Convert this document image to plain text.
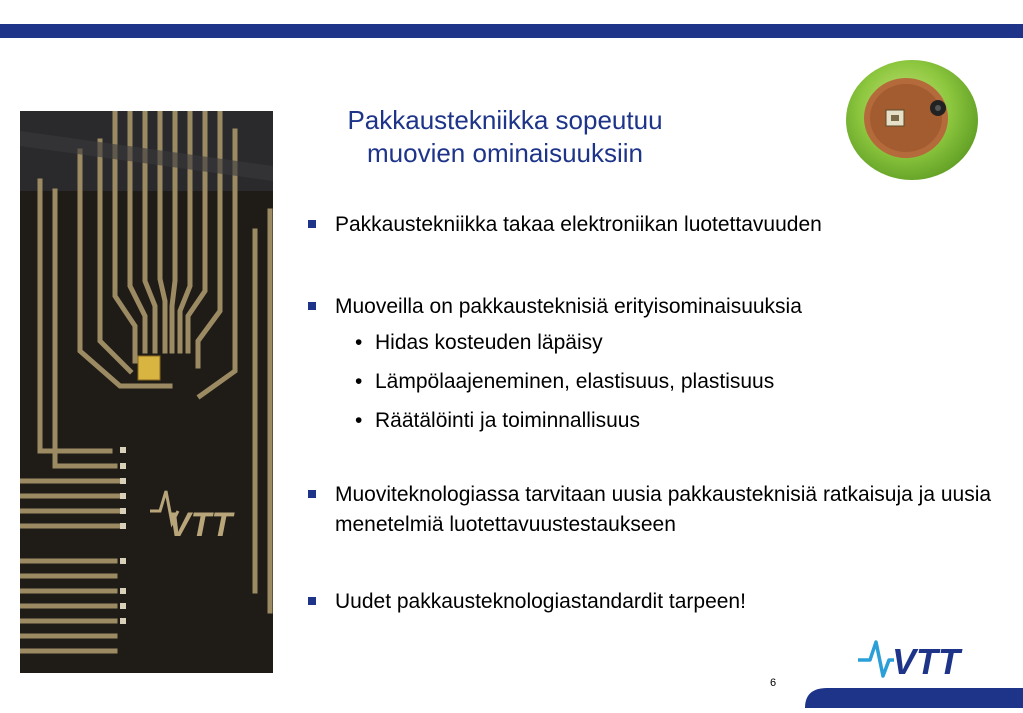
VTT
Pakkaustekniikka sopeutuu
muovien ominaisuuksiin
Pakkaustekniikka takaa elektroniikan luotettavuuden
Muoveilla on pakkausteknisiä erityisominaisuuksia
• Hidas kosteuden läpäisy
• Lämpölaajeneminen, elastisuus, plastisuus
• Räätälöinti ja toiminnallisuus
Muoviteknologiassa tarvitaan uusia pakkausteknisiä ratkaisuja ja uusia menetelmiä luotettavuustestaukseen
Uudet pakkausteknologiastandardit tarpeen!
6
VTT
